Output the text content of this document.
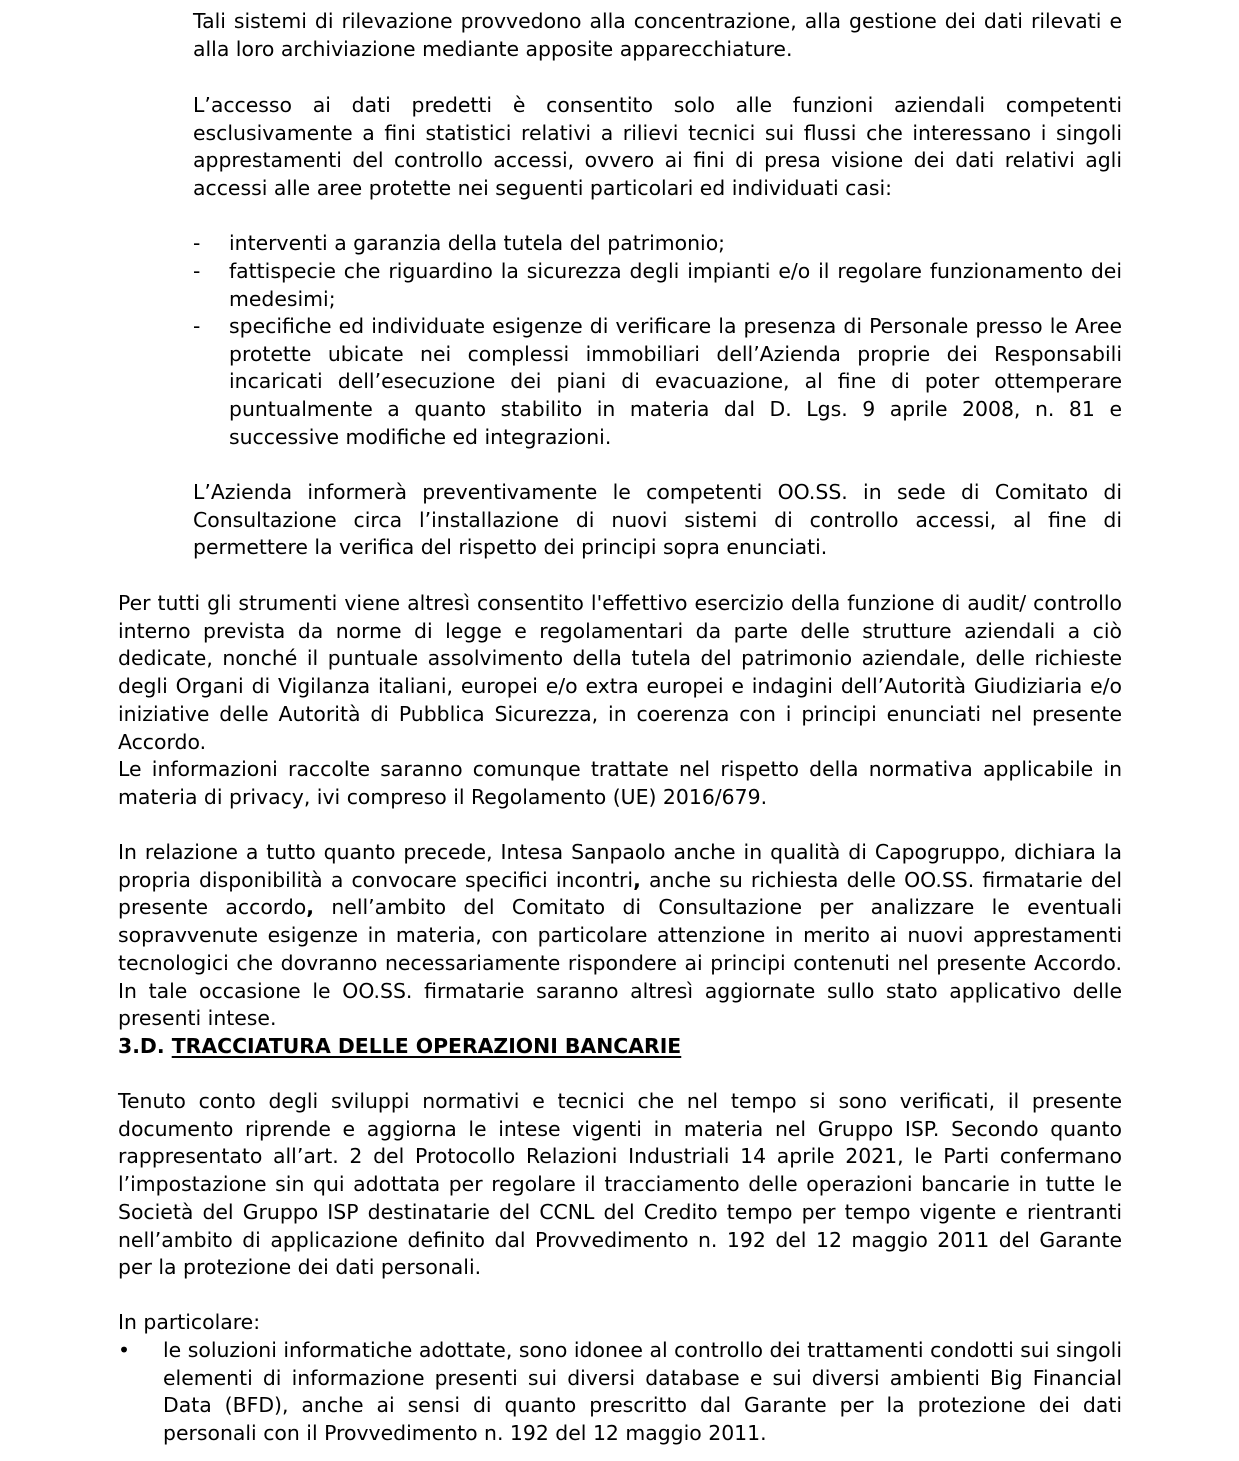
Tali sistemi di rilevazione provvedono alla concentrazione, alla gestione dei dati rilevati e alla loro archiviazione mediante apposite apparecchiature.

L’accesso ai dati predetti è consentito solo alle funzioni aziendali competenti esclusivamente a fini statistici relativi a rilievi tecnici sui flussi che interessano i singoli apprestamenti del controllo accessi, ovvero ai fini di presa visione dei dati relativi agli accessi alle aree protette nei seguenti particolari ed individuati casi:

- interventi a garanzia della tutela del patrimonio;

- fattispecie che riguardino la sicurezza degli impianti e/o il regolare funzionamento dei medesimi;

- specifiche ed individuate esigenze di verificare la presenza di Personale presso le Aree protette ubicate nei complessi immobiliari dell’Azienda proprie dei Responsabili incaricati dell’esecuzione dei piani di evacuazione, al fine di poter ottemperare puntualmente a quanto stabilito in materia dal D. Lgs. 9 aprile 2008, n. 81 e successive modifiche ed integrazioni.

L’Azienda informerà preventivamente le competenti OO.SS. in sede di Comitato di Consultazione circa l’installazione di nuovi sistemi di controllo accessi, al fine di permettere la verifica del rispetto dei principi sopra enunciati.

Per tutti gli strumenti viene altresì consentito l'effettivo esercizio della funzione di audit/ controllo interno prevista da norme di legge e regolamentari da parte delle strutture aziendali a ciò dedicate, nonché il puntuale assolvimento della tutela del patrimonio aziendale, delle richieste degli Organi di Vigilanza italiani, europei e/o extra europei e indagini dell’Autorità Giudiziaria e/o iniziative delle Autorità di Pubblica Sicurezza, in coerenza con i principi enunciati nel presente Accordo.

Le informazioni raccolte saranno comunque trattate nel rispetto della normativa applicabile in materia di privacy, ivi compreso il Regolamento (UE) 2016/679.

In relazione a tutto quanto precede, Intesa Sanpaolo anche in qualità di Capogruppo, dichiara la propria disponibilità a convocare specifici incontri, anche su richiesta delle OO.SS. firmatarie del presente accordo, nell’ambito del Comitato di Consultazione per analizzare le eventuali sopravvenute esigenze in materia, con particolare attenzione in merito ai nuovi apprestamenti tecnologici che dovranno necessariamente rispondere ai principi contenuti nel presente Accordo. In tale occasione le OO.SS. firmatarie saranno altresì aggiornate sullo stato applicativo delle presenti intese.

3.D. TRACCIATURA DELLE OPERAZIONI BANCARIE

Tenuto conto degli sviluppi normativi e tecnici che nel tempo si sono verificati, il presente documento riprende e aggiorna le intese vigenti in materia nel Gruppo ISP. Secondo quanto rappresentato all’art. 2 del Protocollo Relazioni Industriali 14 aprile 2021, le Parti confermano l’impostazione sin qui adottata per regolare il tracciamento delle operazioni bancarie in tutte le Società del Gruppo ISP destinatarie del CCNL del Credito tempo per tempo vigente e rientranti nell’ambito di applicazione definito dal Provvedimento n. 192 del 12 maggio 2011 del Garante per la protezione dei dati personali.

In particolare:

• le soluzioni informatiche adottate, sono idonee al controllo dei trattamenti condotti sui singoli elementi di informazione presenti sui diversi database e sui diversi ambienti Big Financial Data (BFD), anche ai sensi di quanto prescritto dal Garante per la protezione dei dati personali con il Provvedimento n. 192 del 12 maggio 2011.
